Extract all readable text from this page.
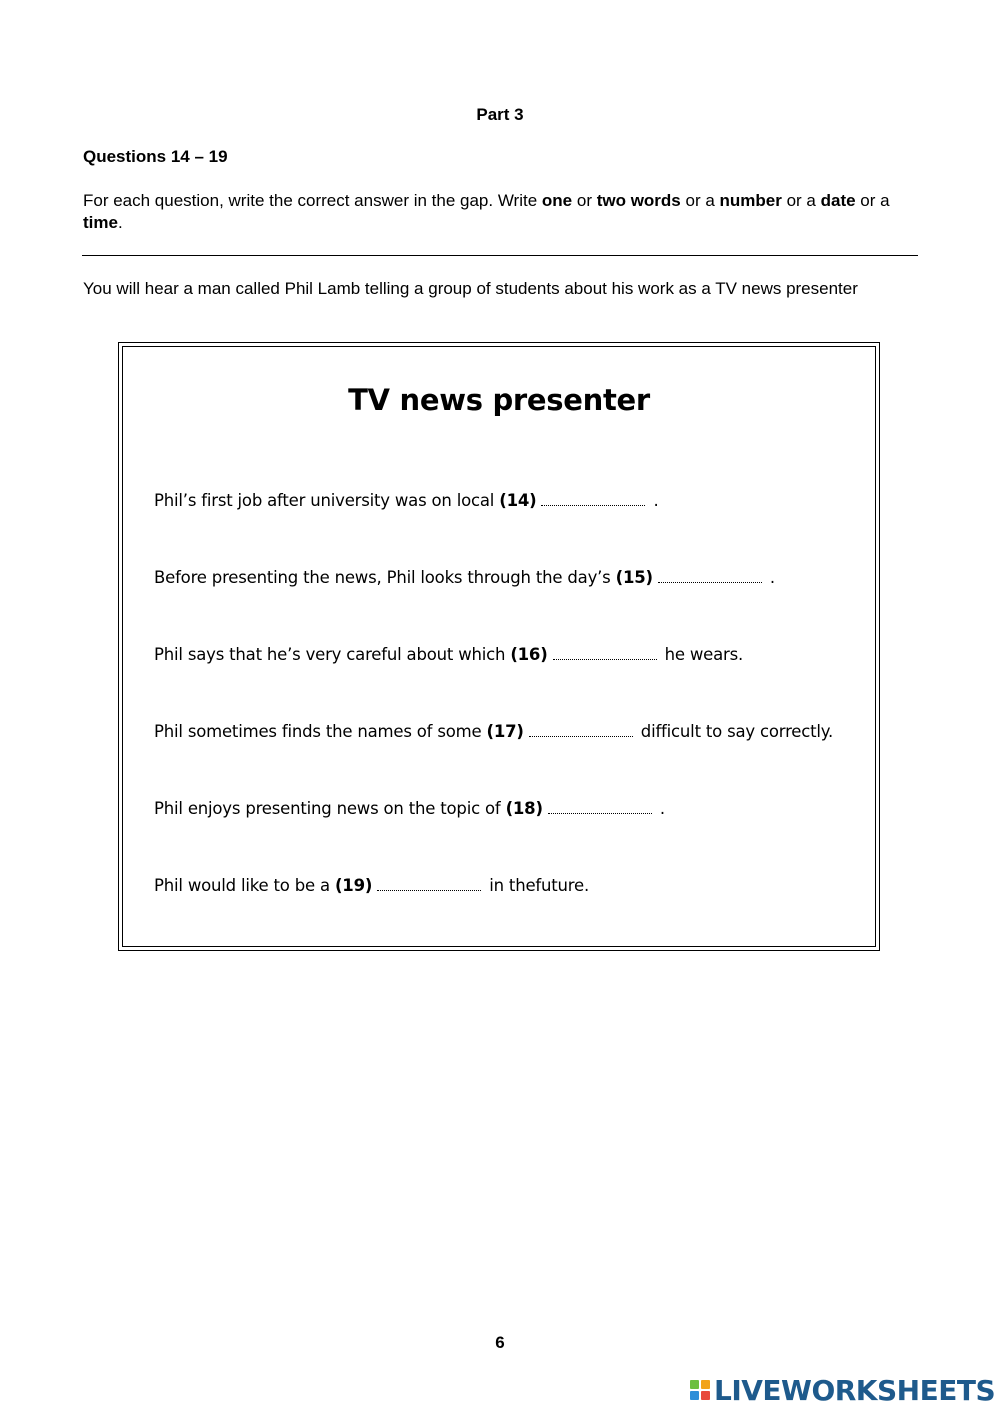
Part 3
Questions 14 – 19
For each question, write the correct answer in the gap. Write one or two words or a number or a date or a time.
You will hear a man called Phil Lamb telling a group of students about his work as a TV news presenter
TV news presenter
Phil’s first job after university was on local (14)	.
Before presenting the news, Phil looks through the day’s (15)	.
Phil says that he’s very careful about which (16)	he wears.
Phil sometimes finds the names of some (17)	difficult to say correctly.
Phil enjoys presenting news on the topic of (18)	.
Phil would like to be a (19)	in thefuture.
6
LIVEWORKSHEETS
